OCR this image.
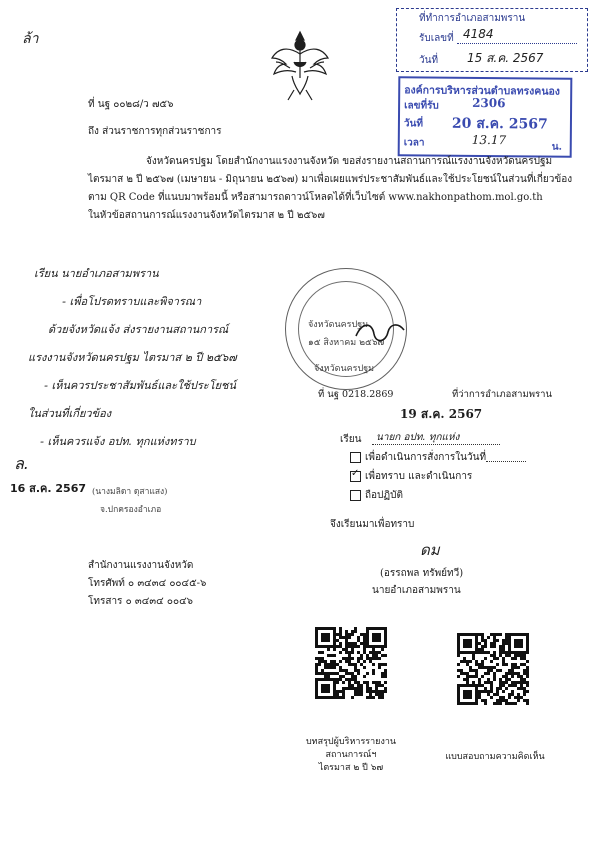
ล้า
ที่ทำการอำเภอสามพราน
รับเลขที่ 4184
วันที่ 15 ส.ค. 2567
องค์การบริหารส่วนตำบลทรงคนอง
เลขที่รับ	2306
วันที่ 20 ส.ค. 2567
เวลา	13.17	น.
ที่ นฐ ๐๐๒๘/ว ๗๕๖
ถึง ส่วนราชการทุกส่วนราชการ
จังหวัดนครปฐม โดยสำนักงานแรงงานจังหวัด ขอส่งรายงานสถานการณ์แรงงานจังหวัดนครปฐม
ไตรมาส ๒ ปี ๒๕๖๗ (เมษายน - มิถุนายน ๒๕๖๗) มาเพื่อเผยแพร่ประชาสัมพันธ์และใช้ประโยชน์ในส่วนที่เกี่ยวข้อง
ตาม QR Code ที่แนบมาพร้อมนี้ หรือสามารถดาวน์โหลดได้ที่เว็บไซต์ www.nakhonpathom.mol.go.th
ในหัวข้อสถานการณ์แรงงานจังหวัดไตรมาส ๒ ปี ๒๕๖๗
เรียน นายอำเภอสามพราน
- เพื่อโปรดทราบและพิจารณา
ด้วยจังหวัดแจ้ง ส่งรายงานสถานการณ์
แรงงานจังหวัดนครปฐม ไตรมาส ๒ ปี ๒๕๖๗
- เห็นควรประชาสัมพันธ์และใช้ประโยชน์
ในส่วนที่เกี่ยวข้อง
- เห็นควรแจ้ง อปท. ทุกแห่งทราบ
ล.
16 ส.ค. 2567 (นางมลิดา ดุสาแสง)
จ.ปกครองอำเภอ
จังหวัดนครปฐม
๑๕ สิงหาคม ๒๕๖๗
จังหวัดนครปฐม
ที่ นฐ 0218.2869	ที่ว่าการอำเภอสามพราน
19 ส.ค. 2567
เรียน นายก อปท. ทุกแห่ง
เพื่อดำเนินการสั่งการในวันที่
✓เพื่อทราบ และดำเนินการ
ถือปฏิบัติ
จึงเรียนมาเพื่อทราบ
ดม
(อรรถพล ทรัพย์ทวี)
นายอำเภอสามพราน
สำนักงานแรงงานจังหวัด
โทรศัพท์ ๐ ๓๔๓๔ ๐๐๔๕-๖
โทรสาร ๐ ๓๔๓๔ ๐๐๔๖
บทสรุปผู้บริหารรายงาน
สถานการณ์ฯ
ไตรมาส ๒ ปี ๖๗
แบบสอบถามความคิดเห็น
